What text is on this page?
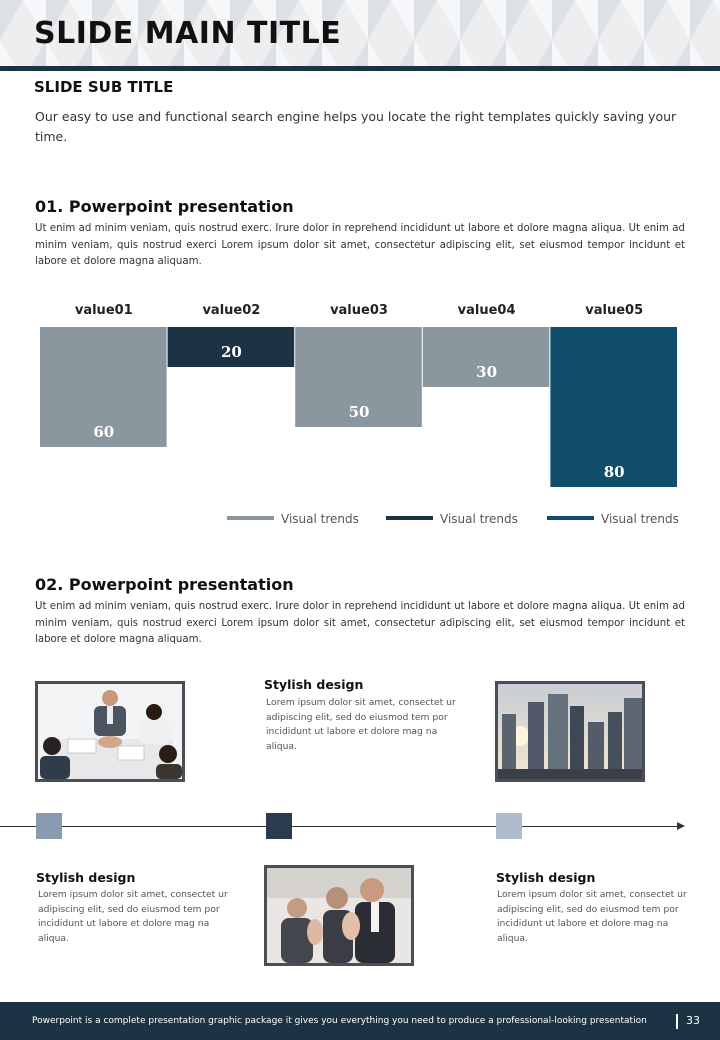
SLIDE MAIN TITLE
SLIDE SUB TITLE
Our easy to use and functional search engine helps you locate the right templates quickly saving your time.
01. Powerpoint presentation
Ut enim ad minim veniam, quis nostrud exerc. Irure dolor in reprehend incididunt ut labore et dolore magna aliqua. Ut enim ad minim veniam, quis nostrud exerci Lorem ipsum dolor sit amet, consectetur adipiscing elit, set eiusmod tempor incidunt et labore et dolore magna aliquam.
value01
60
value02
20
value03
50
value04
30
value05
80
Visual trends	Visual trends	Visual trends
02. Powerpoint presentation
Ut enim ad minim veniam, quis nostrud exerc. Irure dolor in reprehend incididunt ut labore et dolore magna aliqua. Ut enim ad minim veniam, quis nostrud exerci Lorem ipsum dolor sit amet, consectetur adipiscing elit, set eiusmod tempor incidunt et labore et dolore magna aliquam.
Stylish design
Lorem ipsum dolor sit amet, consectet ur adipiscing elit, sed do eiusmod tem por incididunt ut labore et dolore mag na aliqua.
Stylish design
Lorem ipsum dolor sit amet, consectet ur adipiscing elit, sed do eiusmod tem por incididunt ut labore et dolore mag na aliqua.
Stylish design
Lorem ipsum dolor sit amet, consectet ur adipiscing elit, sed do eiusmod tem por incididunt ut labore et dolore mag na aliqua.
Powerpoint is a complete presentation graphic package it gives you everything you need to produce a professional-looking presentation	33
